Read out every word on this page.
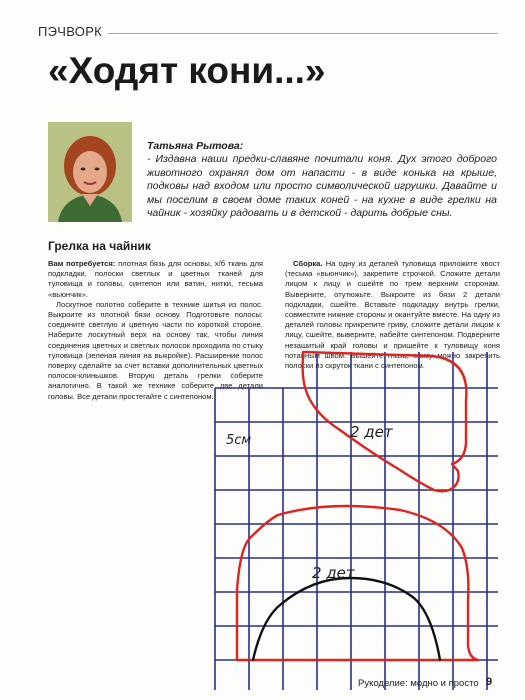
ПЭЧВОРК
«Ходят кони...»
Татьяна Рытова:
- Издавна наши предки-славяне почитали коня. Дух этого доброго животного охранял дом от напасти - в виде конька на крыше, подковы над входом или просто символической игрушки. Давайте и мы поселим в своем доме таких коней - на кухне в виде грелки на чайник - хозяйку радовать и в детской - дарить добрые сны.
Грелка на чайник

Вам потребуется: плотная бязь для основы, х/б ткань для подкладки, полоски светлых и цветных тканей для туловища и головы, синтепон или ватин, нитки, тесьма «вьюнчик».

Лоскутное полотно соберите в технике шитья из полос. Выкроите из плотной бязи основу. Подготовьте полосы: соедините светлую и цветную части по короткой стороне. Наберите лоскутный верх на основу так, чтобы линия соединения цветных и светлых полосок проходила по стыку туловища (зеленая линия на выкройке). Расширение полос поверху сделайте за счет вставки дополнительных цветных полосок-клиньшков. Вторую деталь грелки соберите аналогично. В такой же технике соберите две детали головы. Все детали простегайте с синтепоном.

Сборка. На одну из деталей туловища приложите хвост (тесьма «вьюнчик»), закрепите строчкой. Сложите детали лицом к лицу и сшейте по трем верхним сторонам. Выверните, отутюжьте. Выкроите из бязи 2 детали подкладки, сшейте. Вставьте подкладку внутрь грелки, совместите нижние стороны и окантуйте вместе. На одну из деталей головы прикрепите гриву, сложите детали лицом к лицу, сшейте, выверните, набейте синтепоном. Подверните незашитый край головы и пришейте к туловищу коня потайным швом. Вышейте глаза, снизу можно закрепить полоски из скруток ткани с синтепоном.

5см	2 дет
2 дет
Рукоделие: модно и просто 9
